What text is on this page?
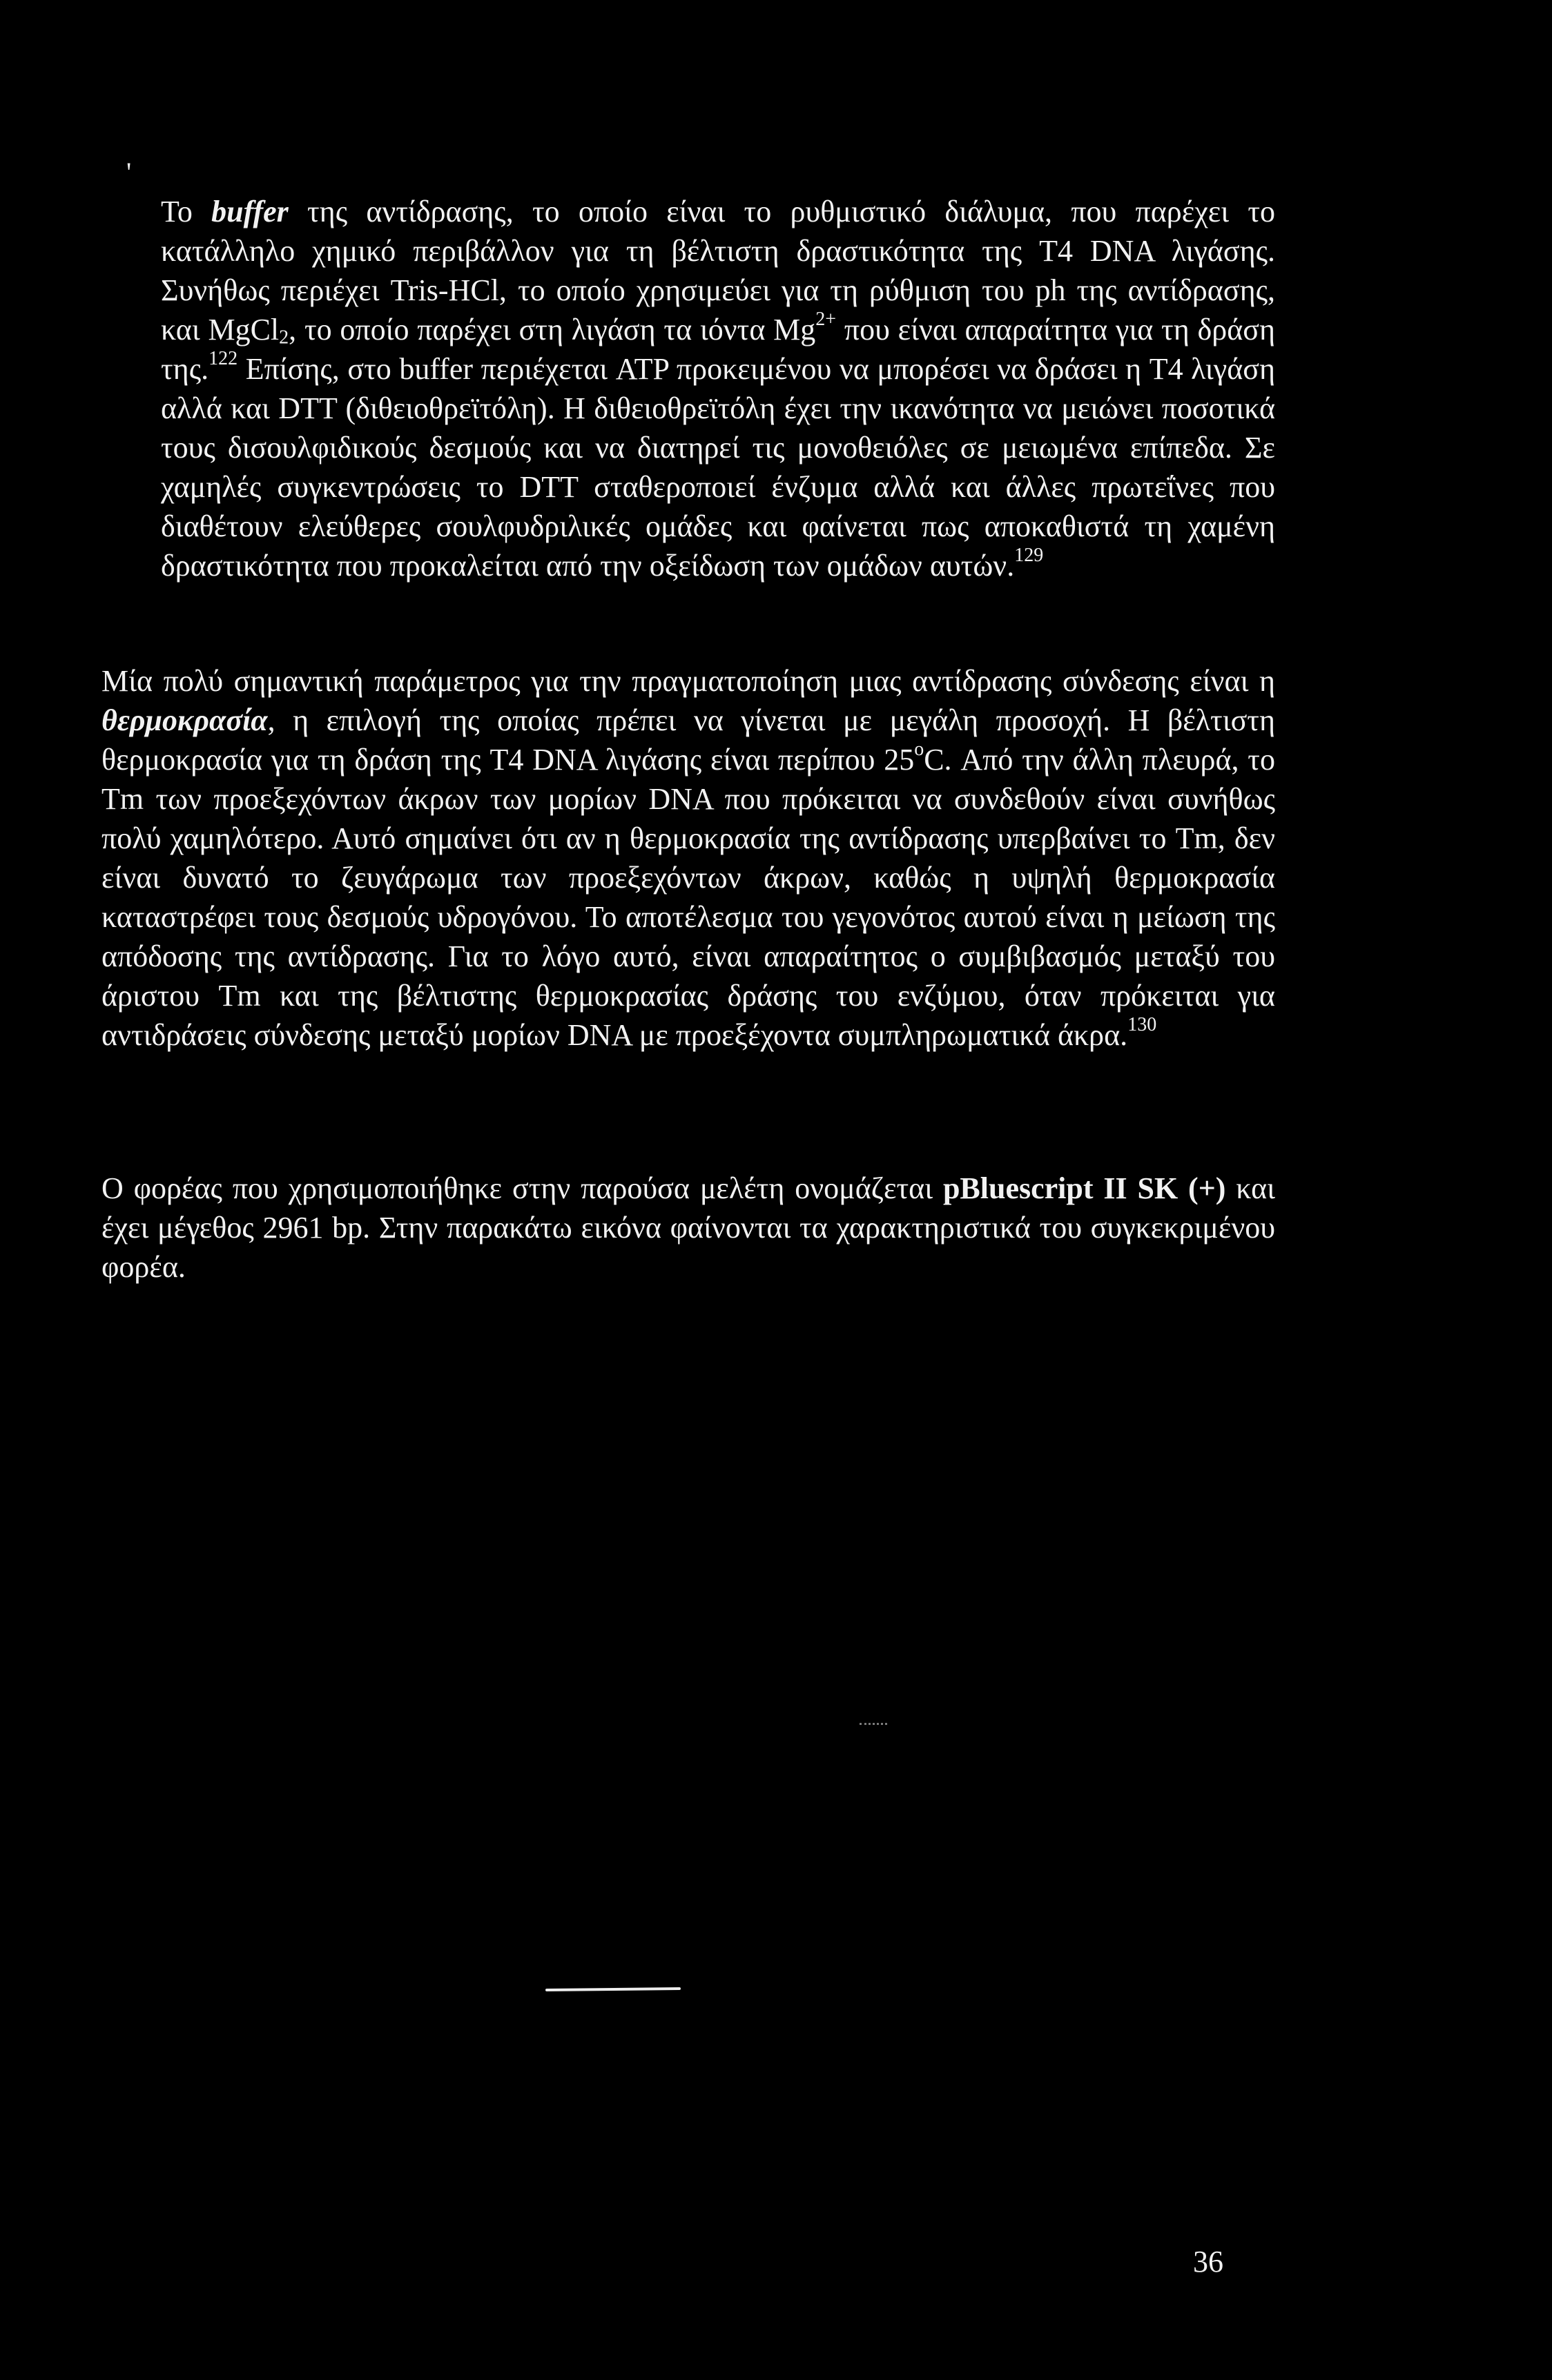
'

Το buffer της αντίδρασης, το οποίο είναι το ρυθμιστικό διάλυμα, που παρέχει το κατάλληλο χημικό περιβάλλον για τη βέλτιστη δραστικότητα της T4 DNA λιγάσης. Συνήθως περιέχει Tris-HCl, το οποίο χρησιμεύει για τη ρύθμιση του ph της αντίδρασης, και MgCl$_2$, το οποίο παρέχει στη λιγάση τα ιόντα $Mg^{2+}$ που είναι απαραίτητα για τη δράση της.$^{122}$ Επίσης, στο buffer περιέχεται ATP προκειμένου να μπορέσει να δράσει η T4 λιγάση αλλά και DTT (διθειοθρεϊτόλη). Η διθειοθρεϊτόλη έχει την ικανότητα να μειώνει ποσοτικά τους δισουλφιδικούς δεσμούς και να διατηρεί τις μονοθειόλες σε μειωμένα επίπεδα. Σε χαμηλές συγκεντρώσεις το DTT σταθεροποιεί ένζυμα αλλά και άλλες πρωτεΐνες που διαθέτουν ελεύθερες σουλφυδριλικές ομάδες και φαίνεται πως αποκαθιστά τη χαμένη δραστικότητα που προκαλείται από την οξείδωση των ομάδων αυτών.$^{129}$

Μία πολύ σημαντική παράμετρος για την πραγματοποίηση μιας αντίδρασης σύνδεσης είναι η θερμοκρασία, η επιλογή της οποίας πρέπει να γίνεται με μεγάλη προσοχή. Η βέλτιστη θερμοκρασία για τη δράση της T4 DNA λιγάσης είναι περίπου 25$^o$C. Από την άλλη πλευρά, το Tm των προεξεχόντων άκρων των μορίων DNA που πρόκειται να συνδεθούν είναι συνήθως πολύ χαμηλότερο. Αυτό σημαίνει ότι αν η θερμοκρασία της αντίδρασης υπερβαίνει το Tm, δεν είναι δυνατό το ζευγάρωμα των προεξεχόντων άκρων, καθώς η υψηλή θερμοκρασία καταστρέφει τους δεσμούς υδρογόνου. Το αποτέλεσμα του γεγονότος αυτού είναι η μείωση της απόδοσης της αντίδρασης. Για το λόγο αυτό, είναι απαραίτητος ο συμβιβασμός μεταξύ του άριστου Tm και της βέλτιστης θερμοκρασίας δράσης του ενζύμου, όταν πρόκειται για αντιδράσεις σύνδεσης μεταξύ μορίων DNA με προεξέχοντα συμπληρωματικά άκρα.$^{130}$

Ο φορέας που χρησιμοποιήθηκε στην παρούσα μελέτη ονομάζεται pBluescript II SK (+) και έχει μέγεθος 2961 bp. Στην παρακάτω εικόνα φαίνονται τα χαρακτηριστικά του συγκεκριμένου φορέα.

36
